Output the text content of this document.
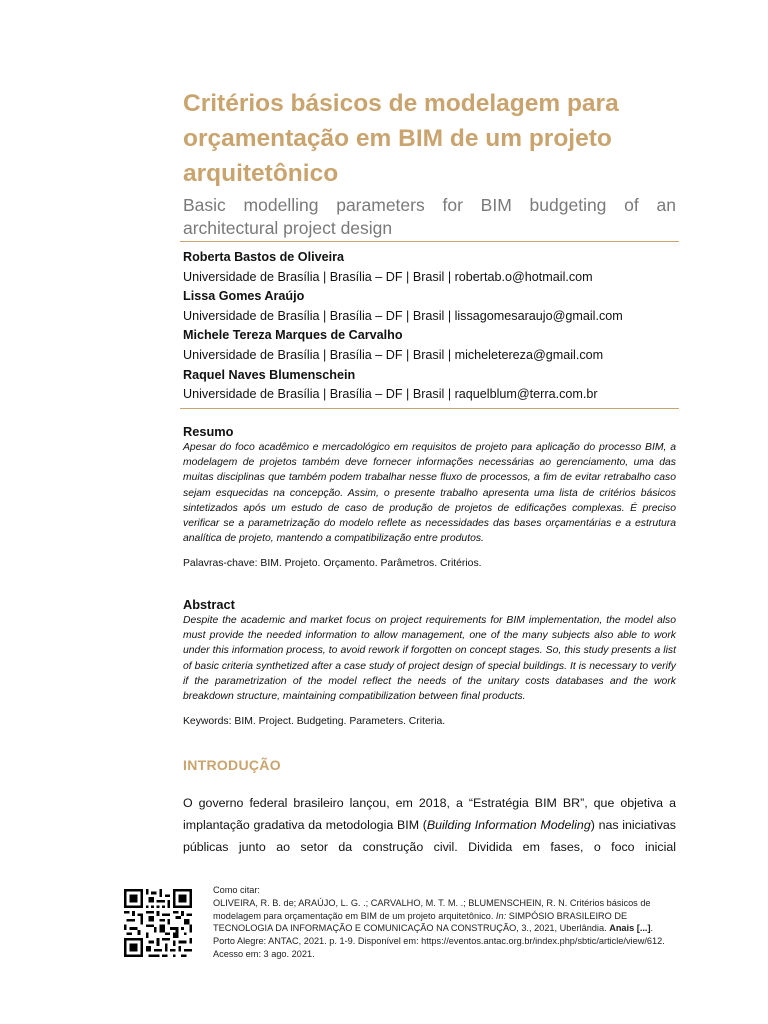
Critérios básicos de modelagem para orçamentação em BIM de um projeto arquitetônico
Basic modelling parameters for BIM budgeting of an architectural project design
Roberta Bastos de Oliveira
Universidade de Brasília | Brasília – DF | Brasil | robertab.o@hotmail.com
Lissa Gomes Araújo
Universidade de Brasília | Brasília – DF | Brasil | lissagomesaraujo@gmail.com
Michele Tereza Marques de Carvalho
Universidade de Brasília | Brasília – DF | Brasil | micheletereza@gmail.com
Raquel Naves Blumenschein
Universidade de Brasília | Brasília – DF | Brasil | raquelblum@terra.com.br
Resumo
Apesar do foco acadêmico e mercadológico em requisitos de projeto para aplicação do processo BIM, a modelagem de projetos também deve fornecer informações necessárias ao gerenciamento, uma das muitas disciplinas que também podem trabalhar nesse fluxo de processos, a fim de evitar retrabalho caso sejam esquecidas na concepção. Assim, o presente trabalho apresenta uma lista de critérios básicos sintetizados após um estudo de caso de produção de projetos de edificações complexas. É preciso verificar se a parametrização do modelo reflete as necessidades das bases orçamentárias e a estrutura analítica de projeto, mantendo a compatibilização entre produtos.
Palavras-chave: BIM. Projeto. Orçamento. Parâmetros. Critérios.
Abstract
Despite the academic and market focus on project requirements for BIM implementation, the model also must provide the needed information to allow management, one of the many subjects also able to work under this information process, to avoid rework if forgotten on concept stages. So, this study presents a list of basic criteria synthetized after a case study of project design of special buildings. It is necessary to verify if the parametrization of the model reflect the needs of the unitary costs databases and the work breakdown structure, maintaining compatibilization between final products.
Keywords: BIM. Project. Budgeting. Parameters. Criteria.
INTRODUÇÃO
O governo federal brasileiro lançou, em 2018, a “Estratégia BIM BR”, que objetiva a implantação gradativa da metodologia BIM (Building Information Modeling) nas iniciativas públicas junto ao setor da construção civil. Dividida em fases, o foco inicial
Como citar:
OLIVEIRA, R. B. de; ARAÚJO, L. G. .; CARVALHO, M. T. M. .; BLUMENSCHEIN, R. N. Critérios básicos de modelagem para orçamentação em BIM de um projeto arquitetônico. In: SIMPÓSIO BRASILEIRO DE TECNOLOGIA DA INFORMAÇÃO E COMUNICAÇÃO NA CONSTRUÇÃO, 3., 2021, Uberlândia. Anais [...]. Porto Alegre: ANTAC, 2021. p. 1-9. Disponível em: https://eventos.antac.org.br/index.php/sbtic/article/view/612. Acesso em: 3 ago. 2021.
